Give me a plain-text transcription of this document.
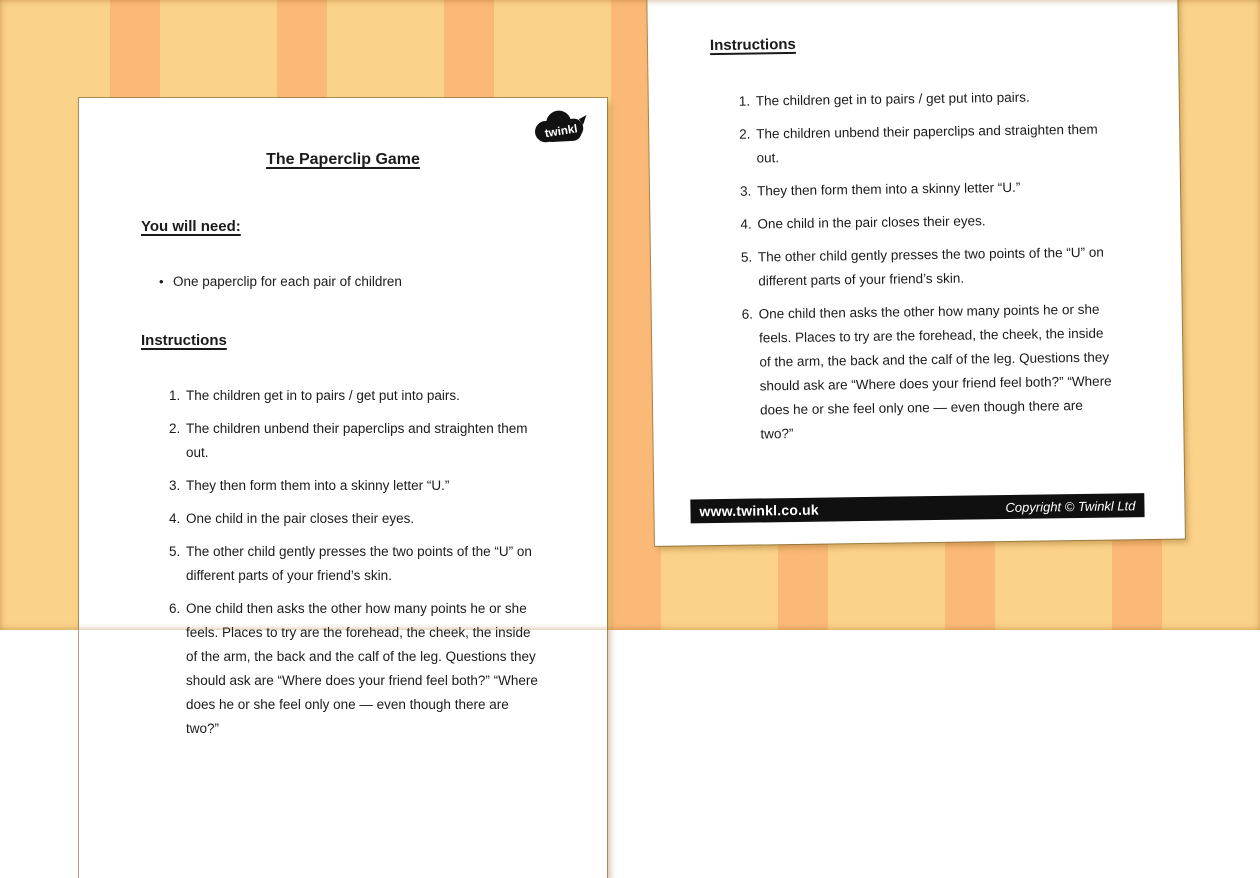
twinkl
The Paperclip Game
You will need:
• One paperclip for each pair of children
Instructions
1. The children get in to pairs / get put into pairs.
2. The children unbend their paperclips and straighten them out.
3. They then form them into a skinny letter “U.”
4. One child in the pair closes their eyes.
5. The other child gently presses the two points of the “U” on different parts of your friend’s skin.
6. One child then asks the other how many points he or she feels. Places to try are the forehead, the cheek, the inside of the arm, the back and the calf of the leg. Questions they should ask are “Where does your friend feel both?” “Where does he or she feel only one — even though there are two?”
Instructions
1. The children get in to pairs / get put into pairs.
2. The children unbend their paperclips and straighten them out.
3. They then form them into a skinny letter “U.”
4. One child in the pair closes their eyes.
5. The other child gently presses the two points of the “U” on different parts of your friend’s skin.
6. One child then asks the other how many points he or she feels. Places to try are the forehead, the cheek, the inside of the arm, the back and the calf of the leg. Questions they should ask are “Where does your friend feel both?” “Where does he or she feel only one — even though there are two?”
www.twinkl.co.uk	Copyright © Twinkl Ltd
